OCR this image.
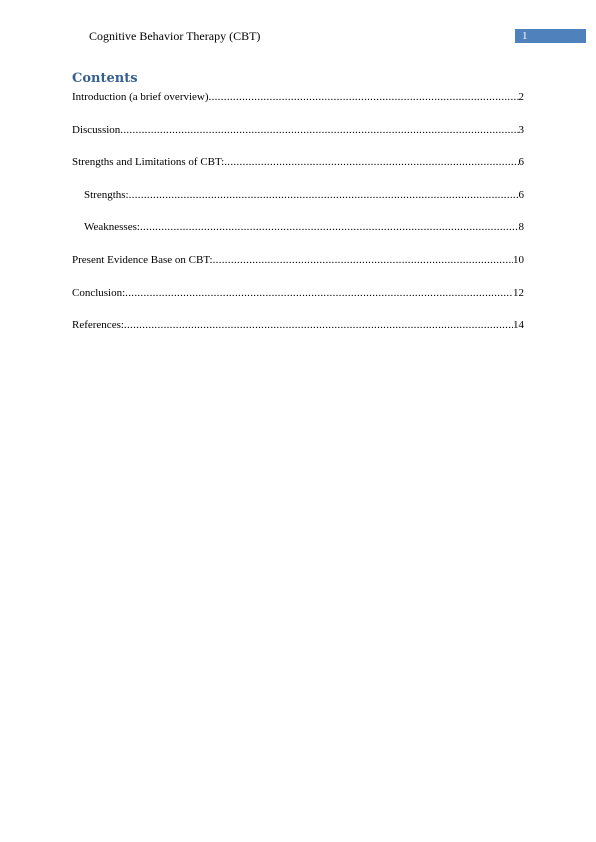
Cognitive Behavior Therapy (CBT)	1
Contents
Introduction (a brief overview) .....	2
Discussion .....	3
Strengths and Limitations of CBT: .....	6
Strengths: .....	6
Weaknesses: .....	8
Present Evidence Base on CBT: .....	10
Conclusion: .....	12
References: .....	14
